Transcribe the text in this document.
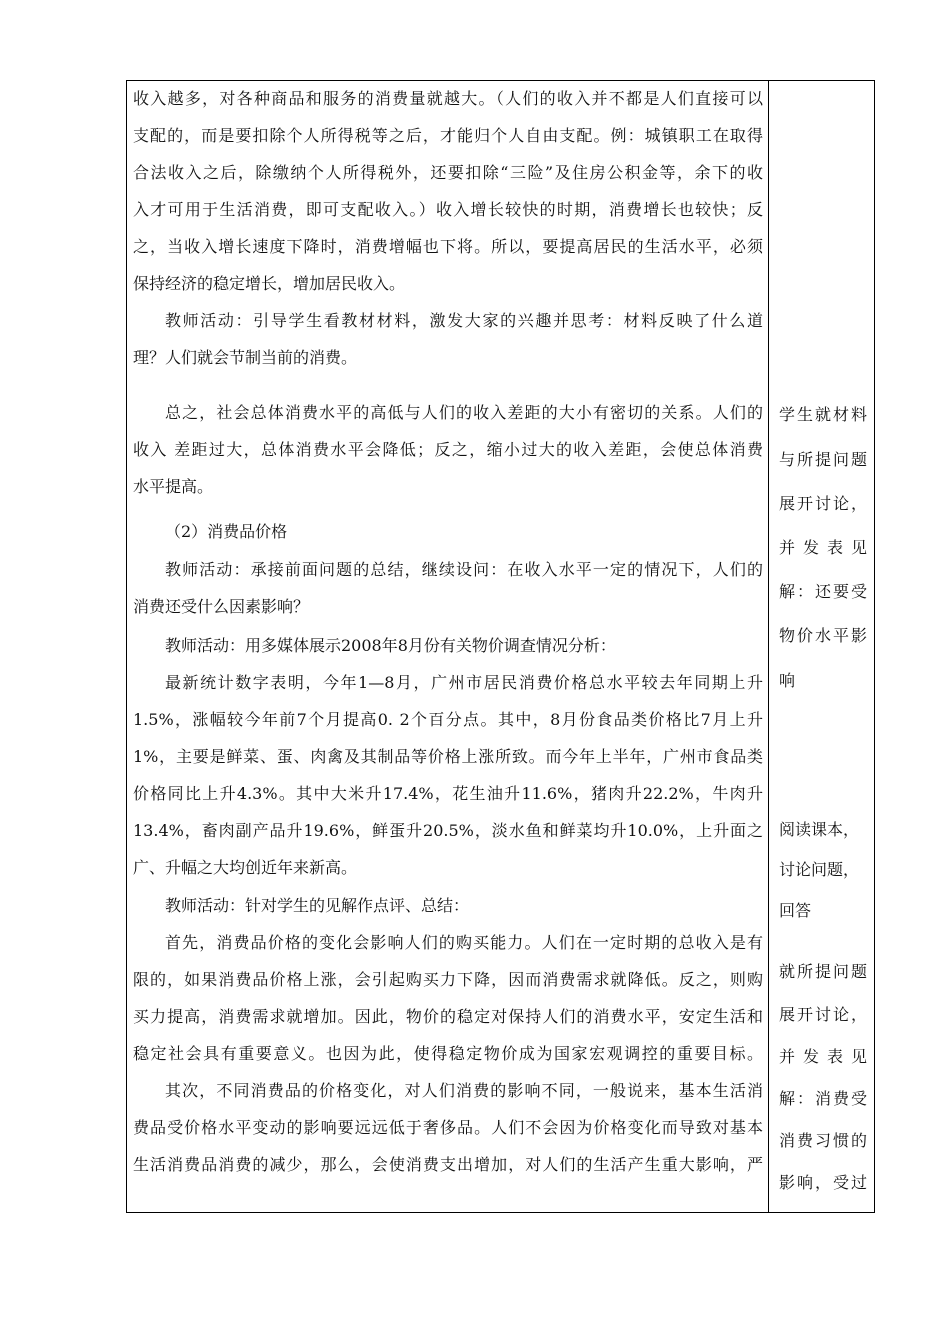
收入越多，对各种商品和服务的消费量就越大。（人们的收入并不都是人们直接可以
支配的，而是要扣除个人所得税等之后，才能归个人自由支配。例：城镇职工在取得
合法收入之后，除缴纳个人所得税外，还要扣除“三险”及住房公积金等，余下的收
入才可用于生活消费，即可支配收入。）收入增长较快的时期，消费增长也较快；反
之，当收入增长速度下降时，消费增幅也下将。所以，要提高居民的生活水平，必须
保持经济的稳定增长，增加居民收入。
教师活动：引导学生看教材材料，激发大家的兴趣并思考：材料反映了什么道
理？人们就会节制当前的消费。
总之，社会总体消费水平的高低与人们的收入差距的大小有密切的关系。人们的
收入 差距过大，总体消费水平会降低；反之，缩小过大的收入差距，会使总体消费
水平提高。
（2）消费品价格
教师活动：承接前面问题的总结，继续设问：在收入水平一定的情况下，人们的
消费还受什么因素影响？
教师活动：用多媒体展示2008年8月份有关物价调查情况分析：
最新统计数字表明，今年1—8月，广州市居民消费价格总水平较去年同期上升
1.5%，涨幅较今年前7个月提高0. 2个百分点。其中，8月份食品类价格比7月上升
1%，主要是鲜菜、蛋、肉禽及其制品等价格上涨所致。而今年上半年，广州市食品类
价格同比上升4.3%。其中大米升17.4%，花生油升11.6%，猪肉升22.2%，牛肉升
13.4%，畜肉副产品升19.6%，鲜蛋升20.5%，淡水鱼和鲜菜均升10.0%，上升面之
广、升幅之大均创近年来新高。
教师活动：针对学生的见解作点评、总结：
首先，消费品价格的变化会影响人们的购买能力。人们在一定时期的总收入是有
限的，如果消费品价格上涨，会引起购买力下降，因而消费需求就降低。反之，则购
买力提高，消费需求就增加。因此，物价的稳定对保持人们的消费水平，安定生活和
稳定社会具有重要意义。也因为此，使得稳定物价成为国家宏观调控的重要目标。
其次，不同消费品的价格变化，对人们消费的影响不同，一般说来，基本生活消
费品受价格水平变动的影响要远远低于奢侈品。人们不会因为价格变化而导致对基本
生活消费品消费的减少，那么，会使消费支出增加，对人们的生活产生重大影响，严
学生就材料
与所提问题
展开讨论，
并 发 表 见
解：还要受
物价水平影
响
阅读课本，
讨论问题，
回答
就所提问题
展开讨论，
并 发 表 见
解：消费受
消费习惯的
影响，受过
